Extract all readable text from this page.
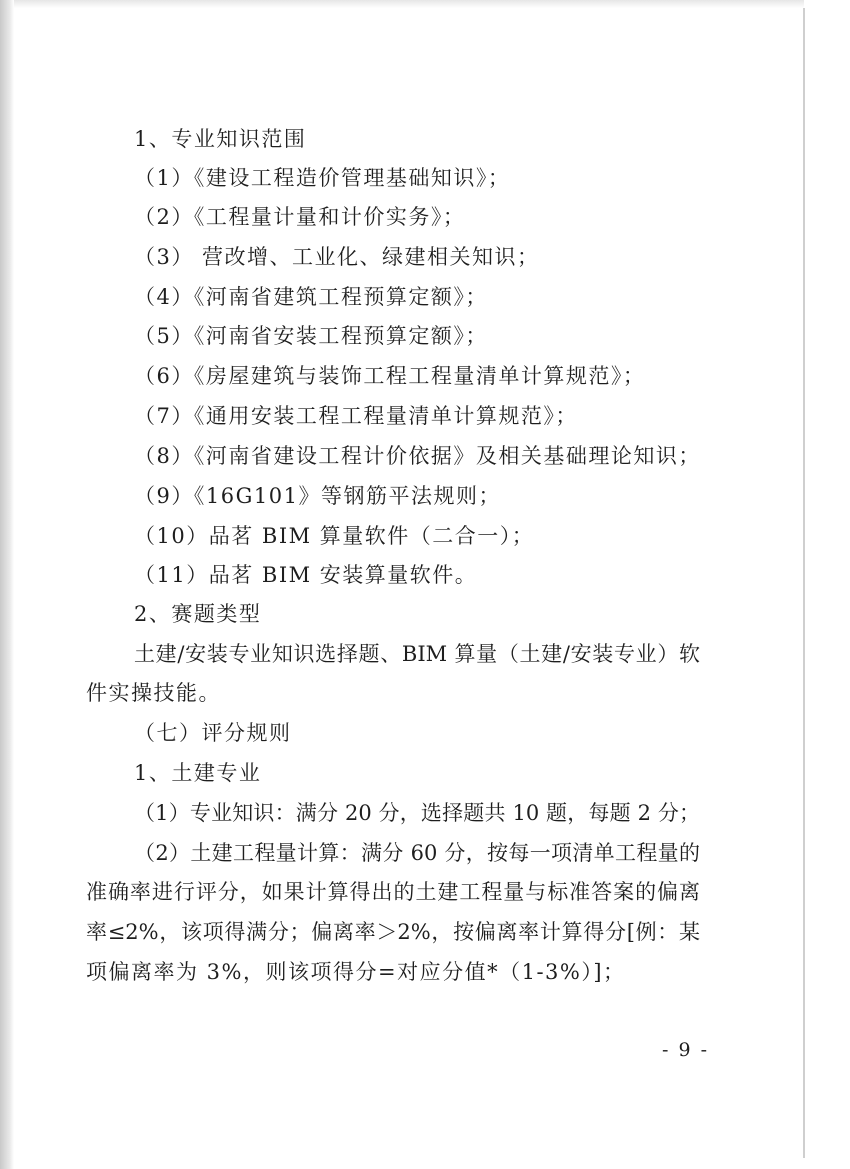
1、专业知识范围
（1）《建设工程造价管理基础知识》；
（2）《工程量计量和计价实务》；
（3） 营改增、工业化、绿建相关知识；
（4）《河南省建筑工程预算定额》；
（5）《河南省安装工程预算定额》；
（6）《房屋建筑与装饰工程工程量清单计算规范》；
（7）《通用安装工程工程量清单计算规范》；
（8）《河南省建设工程计价依据》及相关基础理论知识；
（9）《16G101》等钢筋平法规则；
（10）品茗 BIM 算量软件（二合一）；
（11）品茗 BIM 安装算量软件。
2、赛题类型
土建/安装专业知识选择题、BIM 算量（土建/安装专业）软
件实操技能。
（七）评分规则
1、土建专业
（1）专业知识：满分 20 分，选择题共 10 题，每题 2 分；
（2）土建工程量计算：满分 60 分，按每一项清单工程量的
准确率进行评分，如果计算得出的土建工程量与标准答案的偏离
率≤2%，该项得满分；偏离率＞2%，按偏离率计算得分[例：某
项偏离率为 3%，则该项得分=对应分值*（1-3%）]；
- 9 -
